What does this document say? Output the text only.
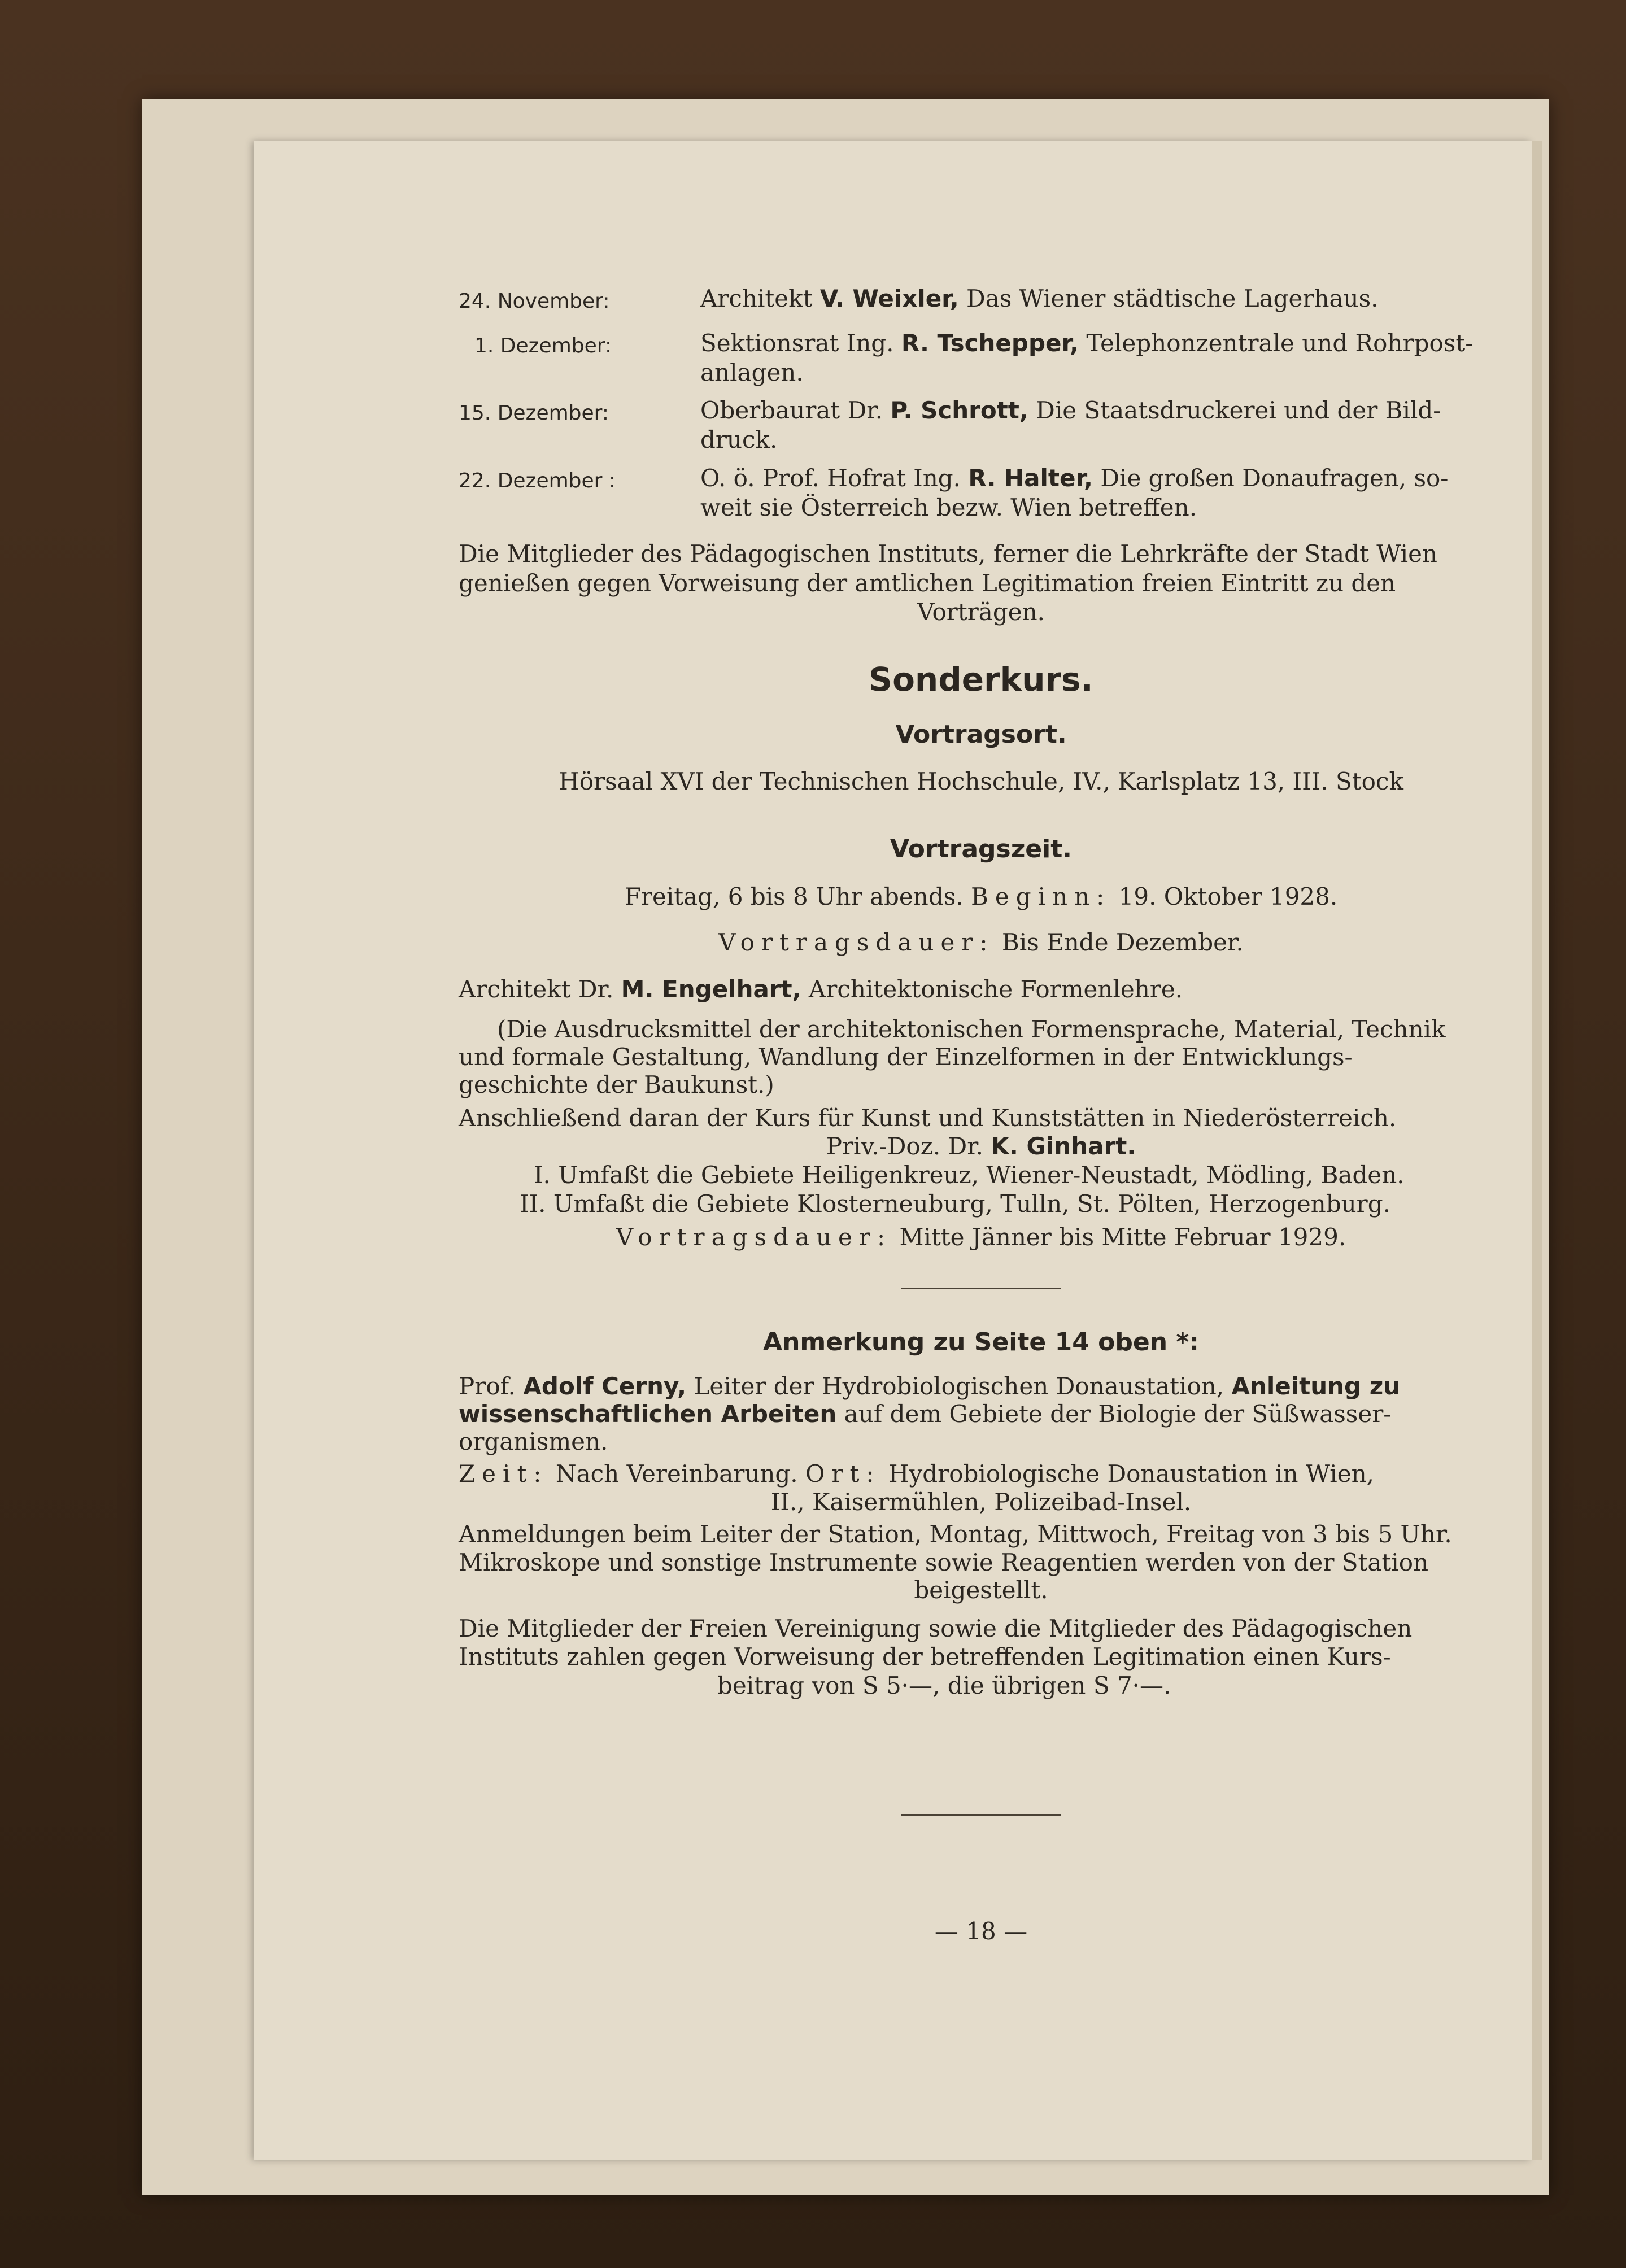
24. November:	Architekt V. Weixler, Das Wiener städtische Lagerhaus.
1. Dezember:	Sektionsrat Ing. R. Tschepper, Telephonzentrale und Rohrpost-
anlagen.
15. Dezember:	Oberbaurat Dr. P. Schrott, Die Staatsdruckerei und der Bild-
druck.
22. Dezember :	O. ö. Prof. Hofrat Ing. R. Halter, Die großen Donaufragen, so-
weit sie Österreich bezw. Wien betreffen.
Die Mitglieder des Pädagogischen Instituts, ferner die Lehrkräfte der Stadt Wien
genießen gegen Vorweisung der amtlichen Legitimation freien Eintritt zu den
Vorträgen.
Sonderkurs.
Vortragsort.
Hörsaal XVI der Technischen Hochschule, IV., Karlsplatz 13, III. Stock
Vortragszeit.
Freitag, 6 bis 8 Uhr abends. Beginn: 19. Oktober 1928.
Vortragsdauer: Bis Ende Dezember.
Architekt Dr. M. Engelhart, Architektonische Formenlehre.
(Die Ausdrucksmittel der architektonischen Formensprache, Material, Technik
und formale Gestaltung, Wandlung der Einzelformen in der Entwicklungs-
geschichte der Baukunst.)
Anschließend daran der Kurs für Kunst und Kunststätten in Niederösterreich.
Priv.-Doz. Dr. K. Ginhart.
I. Umfaßt die Gebiete Heiligenkreuz, Wiener-Neustadt, Mödling, Baden.
II. Umfaßt die Gebiete Klosterneuburg, Tulln, St. Pölten, Herzogenburg.
Vortragsdauer: Mitte Jänner bis Mitte Februar 1929.
Anmerkung zu Seite 14 oben *:
Prof. Adolf Cerny, Leiter der Hydrobiologischen Donaustation, Anleitung zu
wissenschaftlichen Arbeiten auf dem Gebiete der Biologie der Süßwasser-
organismen.
Zeit: Nach Vereinbarung. Ort: Hydrobiologische Donaustation in Wien,
II., Kaisermühlen, Polizeibad-Insel.
Anmeldungen beim Leiter der Station, Montag, Mittwoch, Freitag von 3 bis 5 Uhr.
Mikroskope und sonstige Instrumente sowie Reagentien werden von der Station
beigestellt.
Die Mitglieder der Freien Vereinigung sowie die Mitglieder des Pädagogischen
Instituts zahlen gegen Vorweisung der betreffenden Legitimation einen Kurs-
beitrag von S 5·—, die übrigen S 7·—.
— 18 —
